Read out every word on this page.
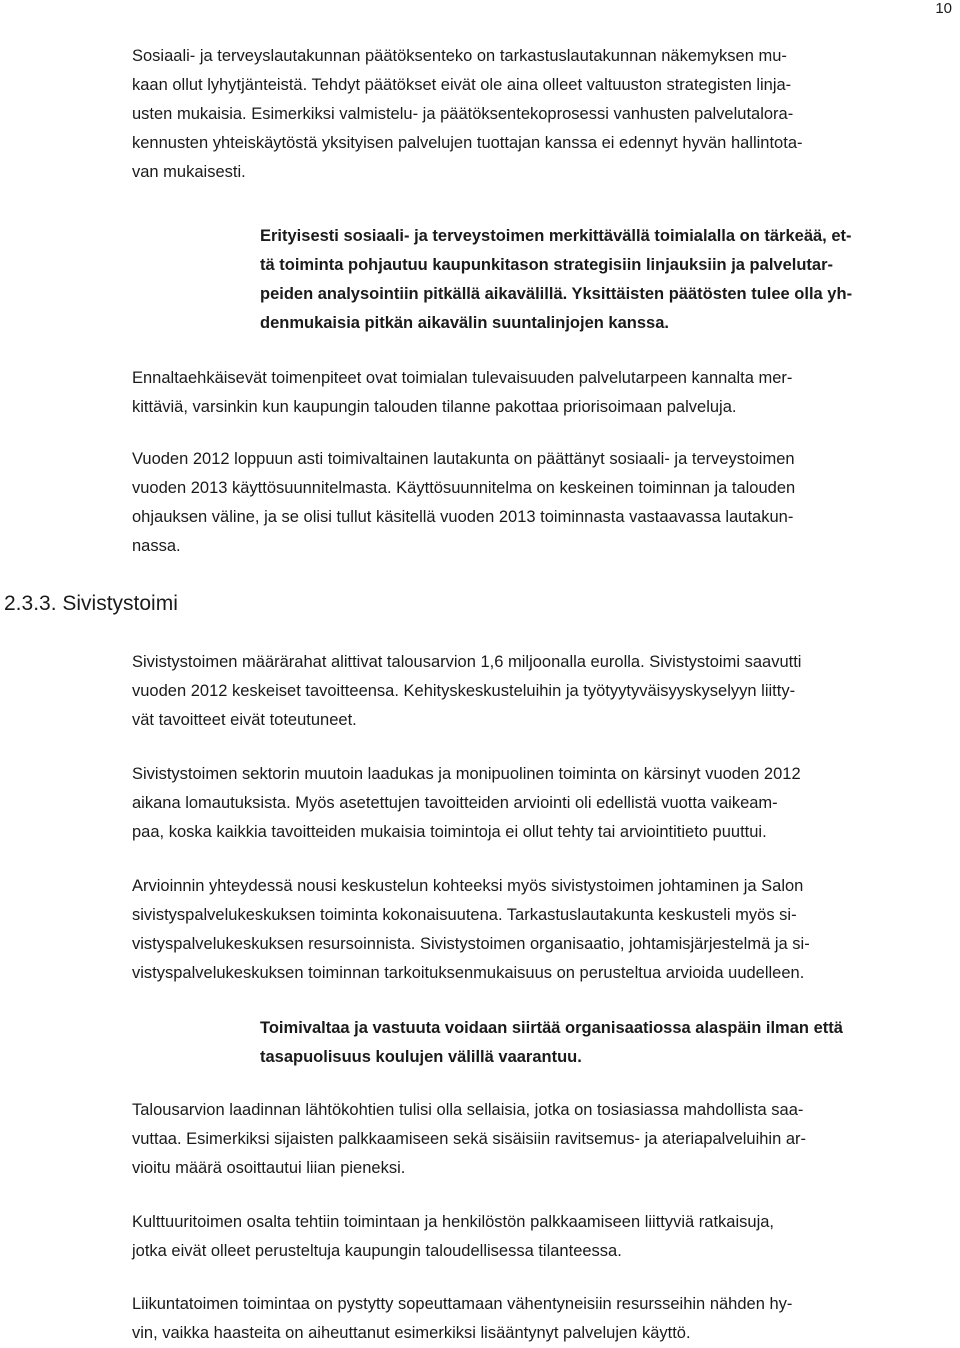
10

Sosiaali- ja terveyslautakunnan päätöksenteko on tarkastuslautakunnan näkemyksen mu-
kaan ollut lyhytjänteistä. Tehdyt päätökset eivät ole aina olleet valtuuston strategisten linja-
usten mukaisia. Esimerkiksi valmistelu- ja päätöksentekoprosessi vanhusten palvelutalora-
kennusten yhteiskäytöstä yksityisen palvelujen tuottajan kanssa ei edennyt hyvän hallintota-
van mukaisesti.

Erityisesti sosiaali- ja terveystoimen merkittävällä toimialalla on tärkeää, et-
tä toiminta pohjautuu kaupunkitason strategisiin linjauksiin ja palvelutar-
peiden analysointiin pitkällä aikavälillä. Yksittäisten päätösten tulee olla yh-
denmukaisia pitkän aikavälin suuntalinjojen kanssa.

Ennaltaehkäisevät toimenpiteet ovat toimialan tulevaisuuden palvelutarpeen kannalta mer-
kittäviä, varsinkin kun kaupungin talouden tilanne pakottaa priorisoimaan palveluja.

Vuoden 2012 loppuun asti toimivaltainen lautakunta on päättänyt sosiaali- ja terveystoimen
vuoden 2013 käyttösuunnitelmasta. Käyttösuunnitelma on keskeinen toiminnan ja talouden
ohjauksen väline, ja se olisi tullut käsitellä vuoden 2013 toiminnasta vastaavassa lautakun-
nassa.

2.3.3. Sivistystoimi

Sivistystoimen määrärahat alittivat talousarvion 1,6 miljoonalla eurolla. Sivistystoimi saavutti
vuoden 2012 keskeiset tavoitteensa. Kehityskeskusteluihin ja työtyytyväisyyskyselyyn liitty-
vät tavoitteet eivät toteutuneet.

Sivistystoimen sektorin muutoin laadukas ja monipuolinen toiminta on kärsinyt vuoden 2012
aikana lomautuksista. Myös asetettujen tavoitteiden arviointi oli edellistä vuotta vaikeam-
paa, koska kaikkia tavoitteiden mukaisia toimintoja ei ollut tehty tai arviointitieto puuttui.

Arvioinnin yhteydessä nousi keskustelun kohteeksi myös sivistystoimen johtaminen ja Salon
sivistyspalvelukeskuksen toiminta kokonaisuutena. Tarkastuslautakunta keskusteli myös si-
vistyspalvelukeskuksen resursoinnista. Sivistystoimen organisaatio, johtamisjärjestelmä ja si-
vistyspalvelukeskuksen toiminnan tarkoituksenmukaisuus on perusteltua arvioida uudelleen.

Toimivaltaa ja vastuuta voidaan siirtää organisaatiossa alaspäin ilman että
tasapuolisuus koulujen välillä vaarantuu.

Talousarvion laadinnan lähtökohtien tulisi olla sellaisia, jotka on tosiasiassa mahdollista saa-
vuttaa. Esimerkiksi sijaisten palkkaamiseen sekä sisäisiin ravitsemus- ja ateriapalveluihin ar-
vioitu määrä osoittautui liian pieneksi.

Kulttuuritoimen osalta tehtiin toimintaan ja henkilöstön palkkaamiseen liittyviä ratkaisuja,
jotka eivät olleet perusteltuja kaupungin taloudellisessa tilanteessa.

Liikuntatoimen toimintaa on pystytty sopeuttamaan vähentyneisiin resursseihin nähden hy-
vin, vaikka haasteita on aiheuttanut esimerkiksi lisääntynyt palvelujen käyttö.
